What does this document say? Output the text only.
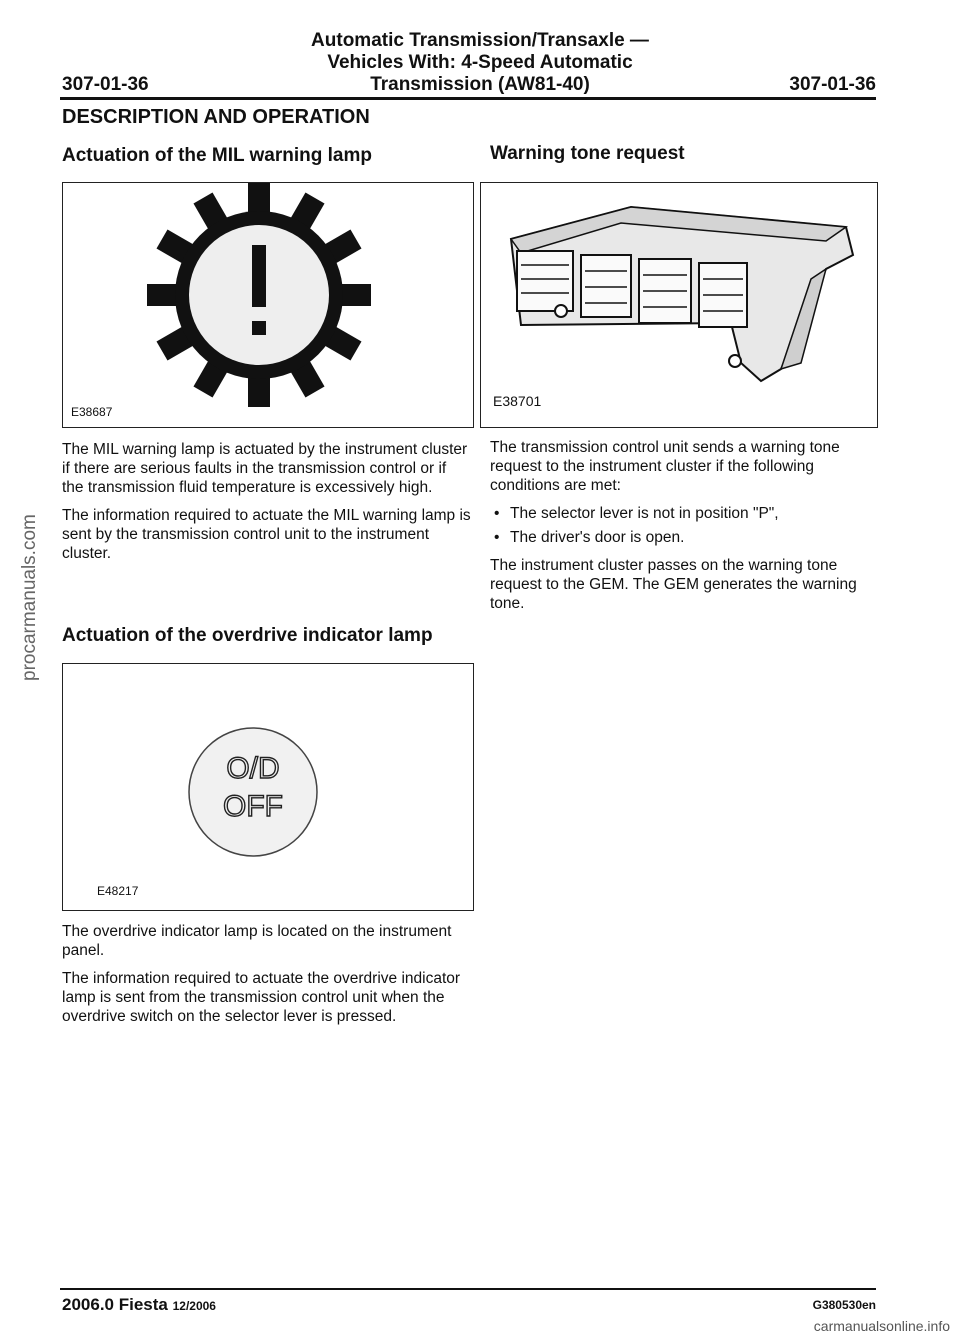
Automatic Transmission/Transaxle —
Vehicles With: 4-Speed Automatic
Transmission (AW81-40)
307-01-36	307-01-36
DESCRIPTION AND OPERATION
Actuation of the MIL warning lamp
E38687

The MIL warning lamp is actuated by the instrument cluster if there are serious faults in the transmission control or if the transmission fluid temperature is excessively high.

The information required to actuate the MIL warning lamp is sent by the transmission control unit to the instrument cluster.

Actuation of the overdrive indicator lamp
O/D
OFF
E48217

The overdrive indicator lamp is located on the instrument panel.

The information required to actuate the overdrive indicator lamp is sent from the transmission control unit when the overdrive switch on the selector lever is pressed.

Warning tone request
E38701

The transmission control unit sends a warning tone request to the instrument cluster if the following conditions are met:

• The selector lever is not in position "P",
• The driver's door is open.

The instrument cluster passes on the warning tone request to the GEM. The GEM generates the warning tone.

procarmanuals.com
2006.0 Fiesta 12/2006	G380530en
carmanualsonline.info
